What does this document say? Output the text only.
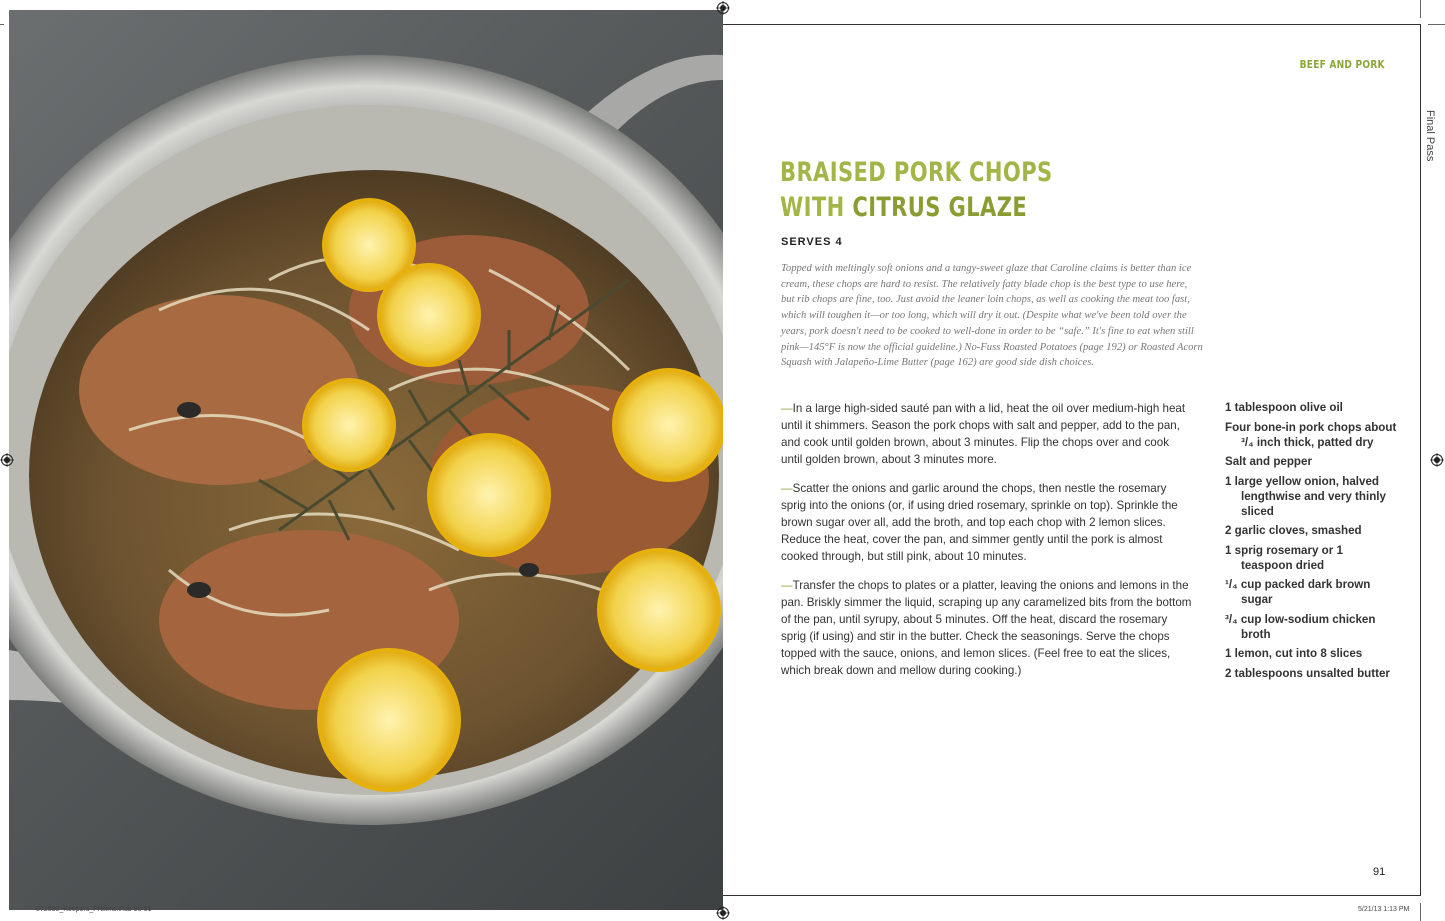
BEEF AND PORK
Final Pass
BRAISED PORK CHOPS
WITH CITRUS GLAZE
SERVES 4
Topped with meltingly soft onions and a tangy-sweet glaze that Caroline claims is better than ice cream, these chops are hard to resist. The relatively fatty blade chop is the best type to use here, but rib chops are fine, too. Just avoid the leaner loin chops, as well as cooking the meat too fast, which will toughen it—or too long, which will dry it out. (Despite what we've been told over the years, pork doesn't need to be cooked to well-done in order to be “safe.” It's fine to eat when still pink—145°F is now the official guideline.) No-Fuss Roasted Potatoes (page 192) or Roasted Acorn Squash with Jalapeño-Lime Butter (page 162) are good side dish choices.

—In a large high-sided sauté pan with a lid, heat the oil over medium-high heat until it shimmers. Season the pork chops with salt and pepper, add to the pan, and cook until golden brown, about 3 minutes. Flip the chops over and cook until golden brown, about 3 minutes more.

—Scatter the onions and garlic around the chops, then nestle the rosemary sprig into the onions (or, if using dried rosemary, sprinkle on top). Sprinkle the brown sugar over all, add the broth, and top each chop with 2 lemon slices. Reduce the heat, cover the pan, and simmer gently until the pork is almost cooked through, but still pink, about 10 minutes.

—Transfer the chops to plates or a platter, leaving the onions and lemons in the pan. Briskly simmer the liquid, scraping up any caramelized bits from the bottom of the pan, until syrupy, about 5 minutes. Off the heat, discard the rosemary sprig (if using) and stir in the butter. Check the seasonings. Serve the chops topped with the sauce, onions, and lemon slices. (Feel free to eat the slices, which break down and mellow during cooking.)

1 tablespoon olive oil
Four bone-in pork chops about ³/₄ inch thick, patted dry
Salt and pepper
1 large yellow onion, halved lengthwise and very thinly sliced
2 garlic cloves, smashed
1 sprig rosemary or 1 teaspoon dried
¹/₄ cup packed dark brown sugar
³/₄ cup low-sodium chicken broth
1 lemon, cut into 8 slices
2 tablespoons unsalted butter
91
072690_Keepers_Prelims.indb 90-91	5/21/13 1:13 PM
